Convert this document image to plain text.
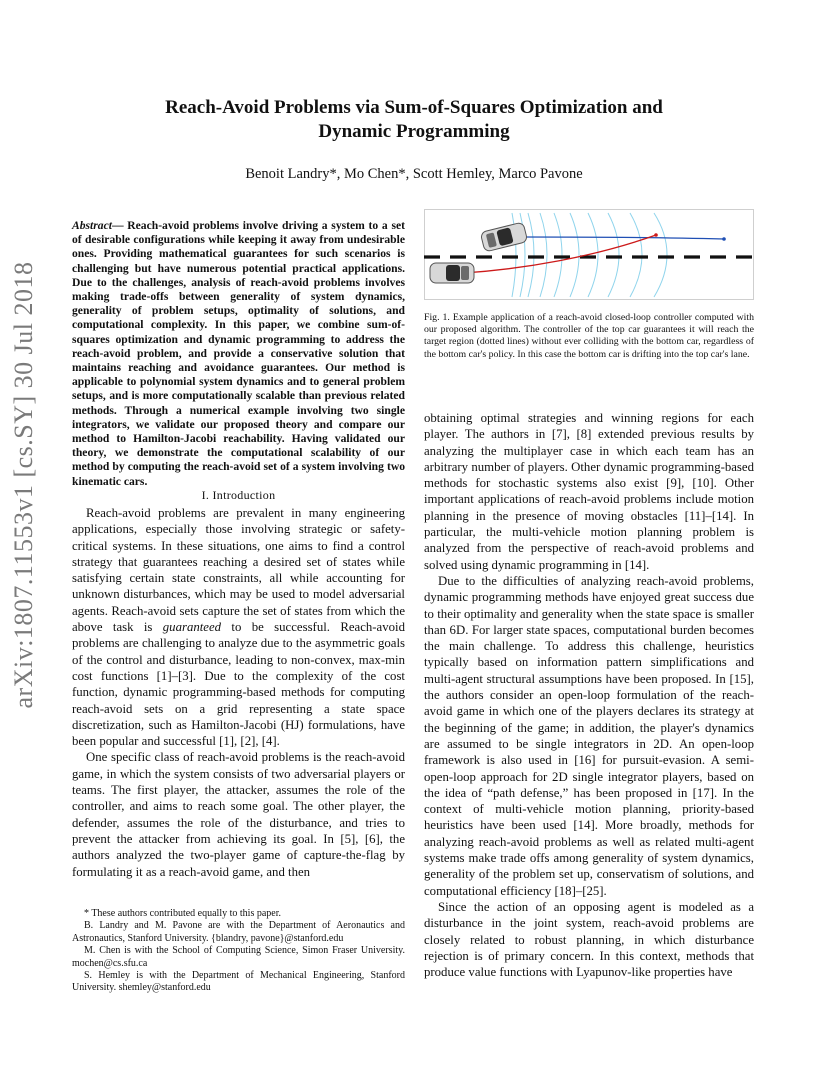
Reach-Avoid Problems via Sum-of-Squares Optimization and
Dynamic Programming
Benoit Landry*, Mo Chen*, Scott Hemley, Marco Pavone
arXiv:1807.11553v1 [cs.SY] 30 Jul 2018
Abstract— Reach-avoid problems involve driving a system to a set of desirable configurations while keeping it away from undesirable ones. Providing mathematical guarantees for such scenarios is challenging but have numerous potential practical applications. Due to the challenges, analysis of reach-avoid problems involves making trade-offs between generality of system dynamics, generality of problem setups, optimality of solutions, and computational complexity. In this paper, we combine sum-of-squares optimization and dynamic programming to address the reach-avoid problem, and provide a conservative solution that maintains reaching and avoidance guarantees. Our method is applicable to polynomial system dynamics and to general problem setups, and is more computationally scalable than previous related methods. Through a numerical example involving two single integrators, we validate our proposed theory and compare our method to Hamilton-Jacobi reachability. Having validated our theory, we demonstrate the computational scalability of our method by computing the reach-avoid set of a system involving two kinematic cars.
I. Introduction

Reach-avoid problems are prevalent in many engineering applications, especially those involving strategic or safety-critical systems. In these situations, one aims to find a control strategy that guarantees reaching a desired set of states while satisfying certain state constraints, all while accounting for unknown disturbances, which may be used to model adversarial agents. Reach-avoid sets capture the set of states from which the above task is guaranteed to be successful. Reach-avoid problems are challenging to analyze due to the asymmetric goals of the control and disturbance, leading to non-convex, max-min cost functions [1]–[3]. Due to the complexity of the cost function, dynamic programming-based methods for computing reach-avoid sets on a grid representing a state space discretization, such as Hamilton-Jacobi (HJ) formulations, have been popular and successful [1], [2], [4].

One specific class of reach-avoid problems is the reach-avoid game, in which the system consists of two adversarial players or teams. The first player, the attacker, assumes the role of the controller, and aims to reach some goal. The other player, the defender, assumes the role of the disturbance, and tries to prevent the attacker from achieving its goal. In [5], [6], the authors analyzed the two-player game of capture-the-flag by formulating it as a reach-avoid game, and then

* These authors contributed equally to this paper.

B. Landry and M. Pavone are with the Department of Aeronautics and Astronautics, Stanford University. {blandry, pavone}@stanford.edu

M. Chen is with the School of Computing Science, Simon Fraser University. mochen@cs.sfu.ca

S. Hemley is with the Department of Mechanical Engineering, Stanford University. shemley@stanford.edu

Fig. 1. Example application of a reach-avoid closed-loop controller computed with our proposed algorithm. The controller of the top car guarantees it will reach the target region (dotted lines) without ever colliding with the bottom car, regardless of the bottom car's policy. In this case the bottom car is drifting into the top car's lane.

obtaining optimal strategies and winning regions for each player. The authors in [7], [8] extended previous results by analyzing the multiplayer case in which each team has an arbitrary number of players. Other dynamic programming-based methods for stochastic systems also exist [9], [10]. Other important applications of reach-avoid problems include motion planning in the presence of moving obstacles [11]–[14]. In particular, the multi-vehicle motion planning problem is analyzed from the perspective of reach-avoid problems and solved using dynamic programming in [14].

Due to the difficulties of analyzing reach-avoid problems, dynamic programming methods have enjoyed great success due to their optimality and generality when the state space is smaller than 6D. For larger state spaces, computational burden becomes the main challenge. To address this challenge, heuristics typically based on information pattern simplifications and multi-agent structural assumptions have been proposed. In [15], the authors consider an open-loop formulation of the reach-avoid game in which one of the players declares its strategy at the beginning of the game; in addition, the player's dynamics are assumed to be single integrators in 2D. An open-loop framework is also used in [16] for pursuit-evasion. A semi-open-loop approach for 2D single integrator players, based on the idea of “path defense,” has been proposed in [17]. In the context of multi-vehicle motion planning, priority-based heuristics have been used [14]. More broadly, methods for analyzing reach-avoid problems as well as related multi-agent systems make trade offs among generality of system dynamics, generality of the problem set up, conservatism of solutions, and computational efficiency [18]–[25].

Since the action of an opposing agent is modeled as a disturbance in the joint system, reach-avoid problems are closely related to robust planning, in which disturbance rejection is of primary concern. In this context, methods that produce value functions with Lyapunov-like properties have
